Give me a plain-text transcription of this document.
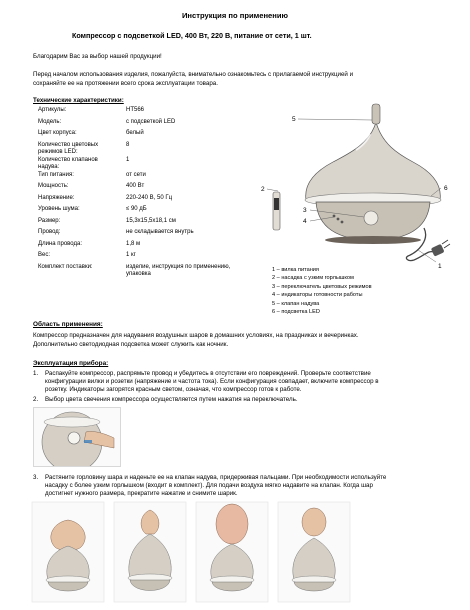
Инструкция по применению
Компрессор с подсветкой LED, 400 Вт, 220 В, питание от сети, 1 шт.
Благодарим Вас за выбор нашей продукции!
Перед началом использования изделия, пожалуйста, внимательно ознакомьтесь с прилагаемой инструкцией и
сохраняйте ее на протяжении всего срока эксплуатации товара.
Технические характеристики:
Артикулы:	HT566

Модель:	с подсветкой LED

Цвет корпуса:	белый

Количество цветовых
режимов LED:	8

Количество клапанов
надува:	1

Тип питания:	от сети

Мощность:	400 Вт

Напряжение:	220-240 В, 50 Гц

Уровень шума:	≤ 90 дБ

Размер:	15,3x15,5x18,1 см

Провод:	не складывается внутрь

Длина провода:	1,8 м

Вес:	1 кг

Комплект поставки:	изделие, инструкция по применению,
упаковка
5
2	6
3
4
1
1 – вилка питания
2 – насадка с узким горлышком
3 – переключатель цветовых режимов
4 – индикаторы готовности работы
5 – клапан надува
6 – подсветка LED
Область применения:
Компрессор предназначен для надувания воздушных шаров в домашних условиях, на праздниках и вечеринках.
Дополнительно светодиодная подсветка может служить как ночник.
Эксплуатация прибора:
1. Распакуйте компрессор, распрямьте провод и убедитесь в отсутствии его повреждений. Проверьте соответствие
конфигурации вилки и розетки (напряжение и частота тока). Если конфигурация совпадает, включите компрессор в
розетку. Индикаторы загорятся красным светом, означая, что компрессор готов к работе.
2. Выбор цвета свечения компрессора осуществляется путем нажатия на переключатель.
3. Растяните горловину шара и наденьте ее на клапан надува, придерживая пальцами. При необходимости используйте
насадку с более узким горлышком (входит в комплект). Для подачи воздуха мягко надавите на клапан. Когда шар
достигнет нужного размера, прекратите нажатие и снимите шарик.
